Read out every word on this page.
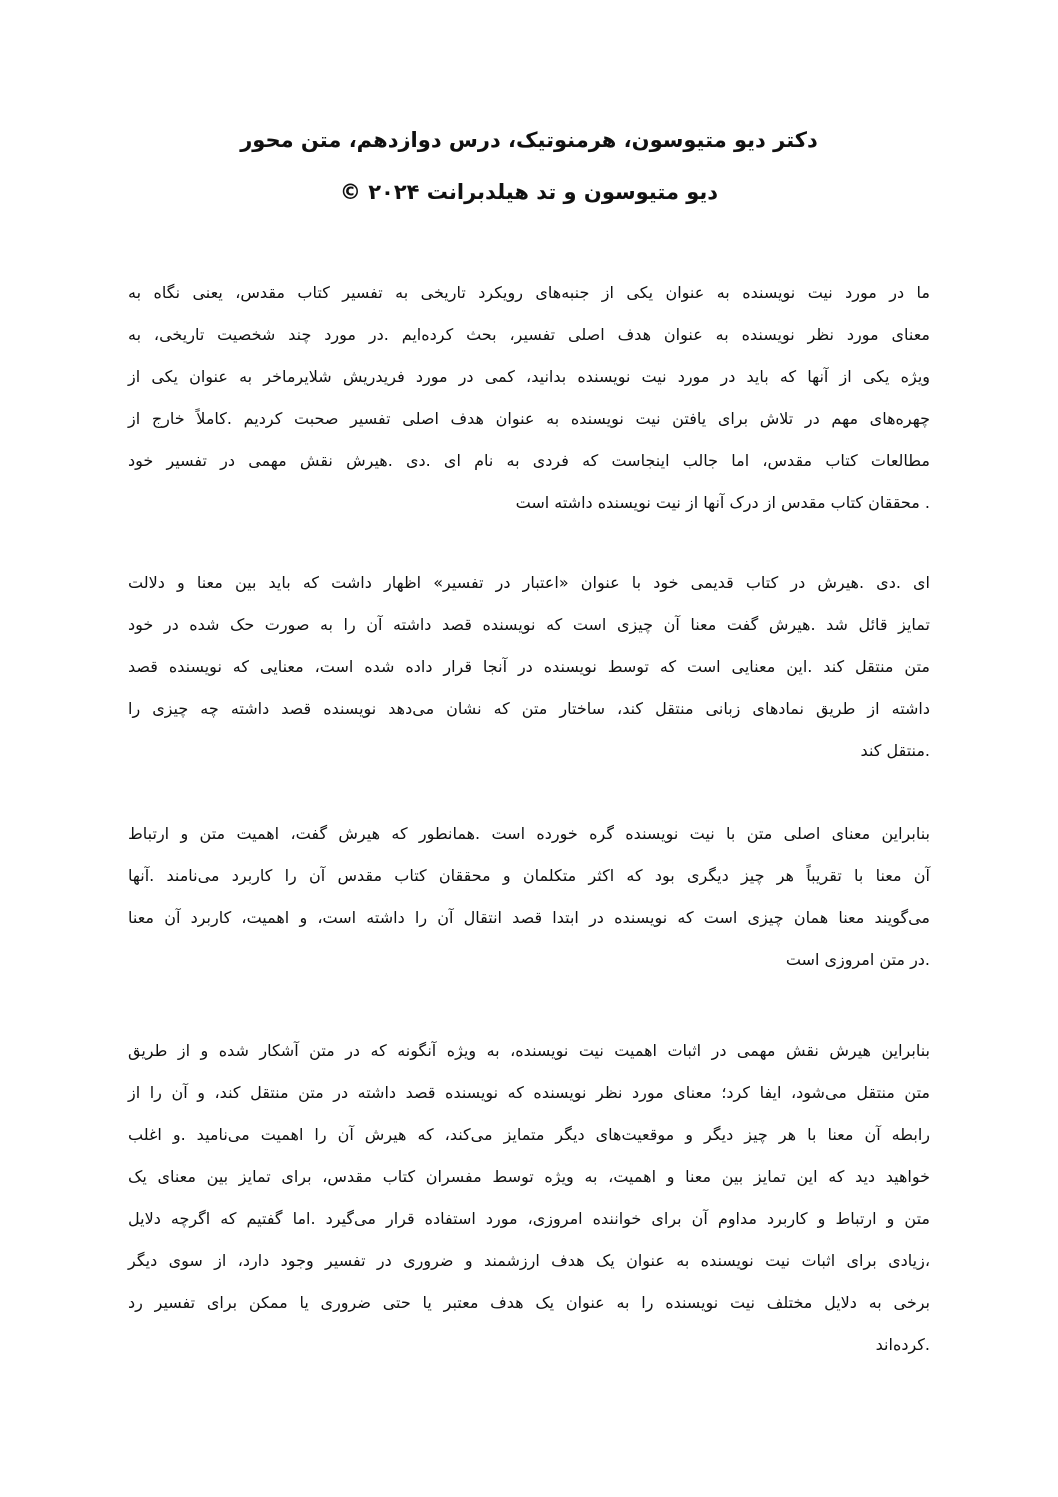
دکتر دیو متیوسون، هرمنوتیک، درس دوازدهم، متن محور
دیو متیوسون و تد هیلدبرانت ۲۰۲۴ ©
ما در مورد نیت نویسنده به عنوان یکی از جنبه‌های رویکرد تاریخی به تفسیر کتاب مقدس، یعنی نگاه به
معنای مورد نظر نویسنده به عنوان هدف اصلی تفسیر، بحث کرده‌ایم .در مورد چند شخصیت تاریخی، به
ویژه یکی از آنها که باید در مورد نیت نویسنده بدانید، کمی در مورد فریدریش شلایرماخر به عنوان یکی از
چهره‌های مهم در تلاش برای یافتن نیت نویسنده به عنوان هدف اصلی تفسیر صحبت کردیم .کاملاً خارج از
مطالعات کتاب مقدس، اما جالب اینجاست که فردی به نام ای .دی .هیرش نقش مهمی در تفسیر خود
. محققان کتاب مقدس از درک آنها از نیت نویسنده داشته است
ای .دی .هیرش در کتاب قدیمی خود با عنوان «اعتبار در تفسیر» اظهار داشت که باید بین معنا و دلالت
تمایز قائل شد .هیرش گفت معنا آن چیزی است که نویسنده قصد داشته آن را به صورت حک شده در خود
متن منتقل کند .این معنایی است که توسط نویسنده در آنجا قرار داده شده است، معنایی که نویسنده قصد
داشته از طریق نمادهای زبانی منتقل کند، ساختار متن که نشان می‌دهد نویسنده قصد داشته چه چیزی را
.منتقل کند
بنابراین معنای اصلی متن با نیت نویسنده گره خورده است .همانطور که هیرش گفت، اهمیت متن و ارتباط
آن معنا با تقریباً هر چیز دیگری بود که اکثر متکلمان و محققان کتاب مقدس آن را کاربرد می‌نامند .آنها
می‌گویند معنا همان چیزی است که نویسنده در ابتدا قصد انتقال آن را داشته است، و اهمیت، کاربرد آن معنا
.در متن امروزی است
بنابراین هیرش نقش مهمی در اثبات اهمیت نیت نویسنده، به ویژه آنگونه که در متن آشکار شده و از طریق
متن منتقل می‌شود، ایفا کرد؛ معنای مورد نظر نویسنده که نویسنده قصد داشته در متن منتقل کند، و آن را از
رابطه آن معنا با هر چیز دیگر و موقعیت‌های دیگر متمایز می‌کند، که هیرش آن را اهمیت می‌نامید .و اغلب
خواهید دید که این تمایز بین معنا و اهمیت، به ویژه توسط مفسران کتاب مقدس، برای تمایز بین معنای یک
متن و ارتباط و کاربرد مداوم آن برای خواننده امروزی، مورد استفاده قرار می‌گیرد .اما گفتیم که اگرچه دلایل
،زیادی برای اثبات نیت نویسنده به عنوان یک هدف ارزشمند و ضروری در تفسیر وجود دارد، از سوی دیگر
برخی به دلایل مختلف نیت نویسنده را به عنوان یک هدف معتبر یا حتی ضروری یا ممکن برای تفسیر رد
.کرده‌اند
